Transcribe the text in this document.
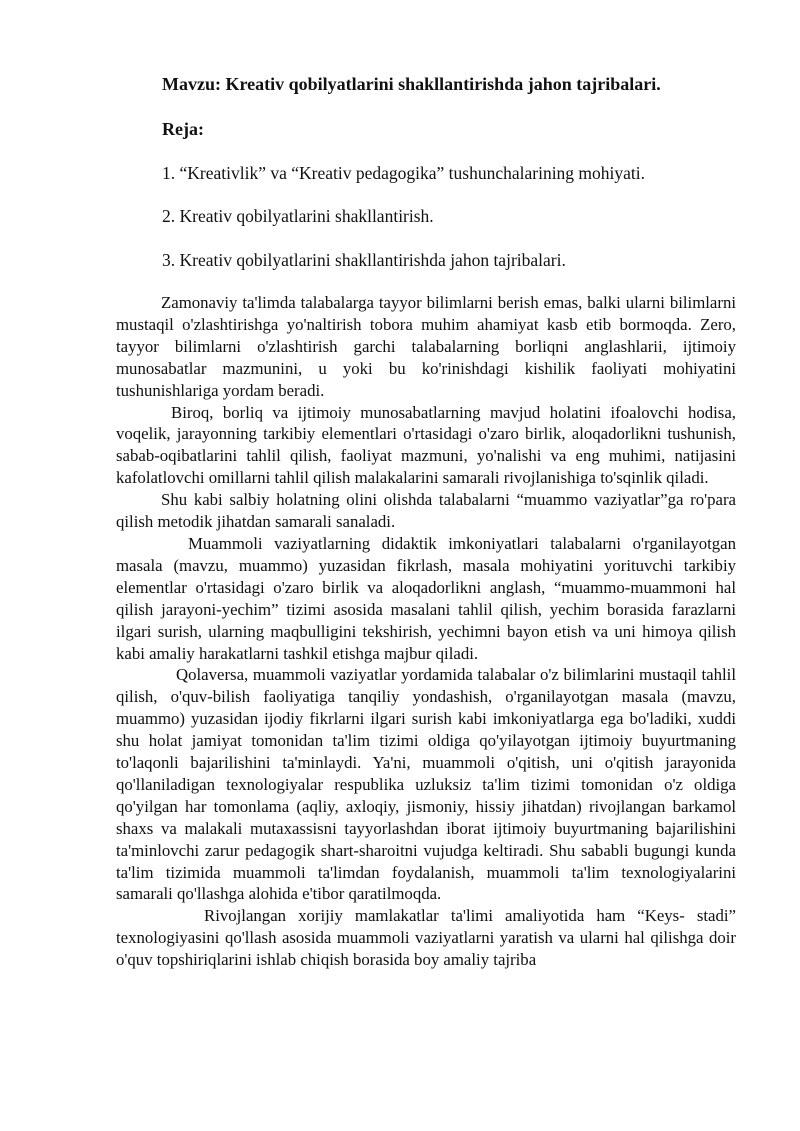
Mavzu: Kreativ qobilyatlarini shakllantirishda jahon tajribalari.

Reja:

1. “Kreativlik” va “Kreativ pedagogika” tushunchalarining mohiyati.

2. Kreativ qobilyatlarini shakllantirish.

3. Kreativ qobilyatlarini shakllantirishda jahon tajribalari.

Zamonaviy ta'limda talabalarga tayyor bilimlarni berish emas, balki ularni bilimlarni mustaqil o'zlashtirishga yo'naltirish tobora muhim ahamiyat kasb etib bormoqda. Zero, tayyor bilimlarni o'zlashtirish garchi talabalarning borliqni anglashlarii, ijtimoiy munosabatlar mazmunini, u yoki bu ko'rinishdagi kishilik faoliyati mohiyatini tushunishlariga yordam beradi.

Biroq, borliq va ijtimoiy munosabatlarning mavjud holatini ifoalovchi hodisa, voqelik, jarayonning tarkibiy elementlari o'rtasidagi o'zaro birlik, aloqadorlikni tushunish, sabab-oqibatlarini tahlil qilish, faoliyat mazmuni, yo'nalishi va eng muhimi, natijasini kafolatlovchi omillarni tahlil qilish malakalarini samarali rivojlanishiga to'sqinlik qiladi.

Shu kabi salbiy holatning olini olishda talabalarni “muammo vaziyatlar”ga ro'para qilish metodik jihatdan samarali sanaladi.

Muammoli vaziyatlarning didaktik imkoniyatlari talabalarni o'rganilayotgan masala (mavzu, muammo) yuzasidan fikrlash, masala mohiyatini yorituvchi tarkibiy elementlar o'rtasidagi o'zaro birlik va aloqadorlikni anglash, “muammo-muammoni hal qilish jarayoni-yechim” tizimi asosida masalani tahlil qilish, yechim borasida farazlarni ilgari surish, ularning maqbulligini tekshirish, yechimni bayon etish va uni himoya qilish kabi amaliy harakatlarni tashkil etishga majbur qiladi.

Qolaversa, muammoli vaziyatlar yordamida talabalar o'z bilimlarini mustaqil tahlil qilish, o'quv-bilish faoliyatiga tanqiliy yondashish, o'rganilayotgan masala (mavzu, muammo) yuzasidan ijodiy fikrlarni ilgari surish kabi imkoniyatlarga ega bo'ladiki, xuddi shu holat jamiyat tomonidan ta'lim tizimi oldiga qo'yilayotgan ijtimoiy buyurtmaning to'laqonli bajarilishini ta'minlaydi. Ya'ni, muammoli o'qitish, uni o'qitish jarayonida qo'llaniladigan texnologiyalar respublika uzluksiz ta'lim tizimi tomonidan o'z oldiga qo'yilgan har tomonlama (aqliy, axloqiy, jismoniy, hissiy jihatdan) rivojlangan barkamol shaxs va malakali mutaxassisni tayyorlashdan iborat ijtimoiy buyurtmaning bajarilishini ta'minlovchi zarur pedagogik shart-sharoitni vujudga keltiradi. Shu sababli bugungi kunda ta'lim tizimida muammoli ta'limdan foydalanish, muammoli ta'lim texnologiyalarini samarali qo'llashga alohida e'tibor qaratilmoqda.

Rivojlangan xorijiy mamlakatlar ta'limi amaliyotida ham “Keys- stadi” texnologiyasini qo'llash asosida muammoli vaziyatlarni yaratish va ularni hal qilishga doir o'quv topshiriqlarini ishlab chiqish borasida boy amaliy tajriba
